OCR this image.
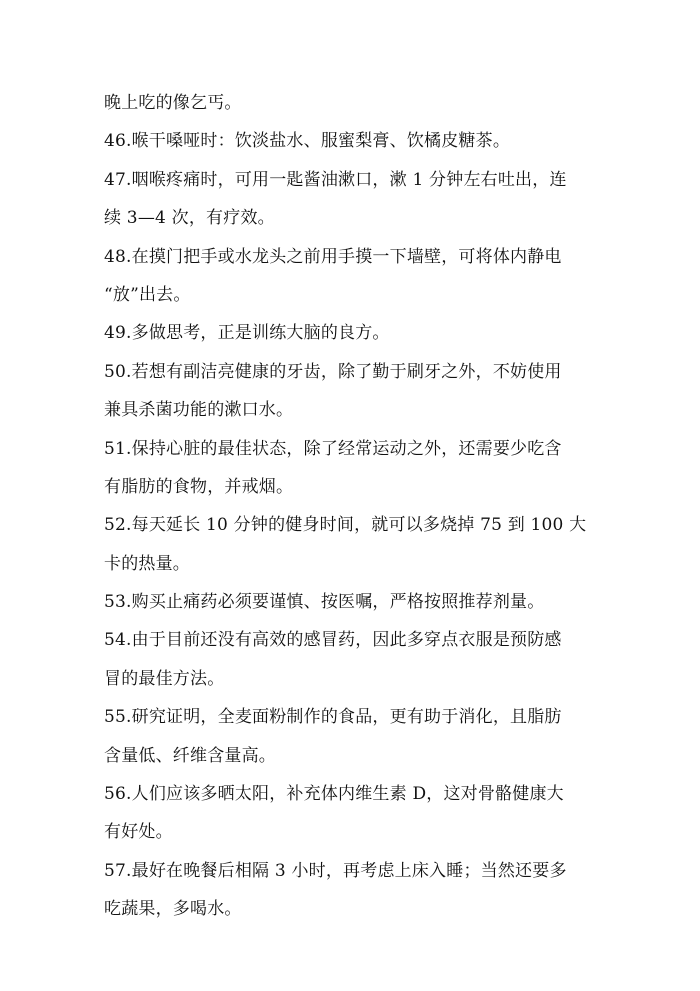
晚上吃的像乞丐。
46.喉干嗓哑时：饮淡盐水、服蜜梨膏、饮橘皮糖茶。
47.咽喉疼痛时，可用一匙酱油漱口，漱 1 分钟左右吐出，连
续 3—4 次，有疗效。
48.在摸门把手或水龙头之前用手摸一下墙壁，可将体内静电
“放”出去。
49.多做思考，正是训练大脑的良方。
50.若想有副洁亮健康的牙齿，除了勤于刷牙之外，不妨使用
兼具杀菌功能的漱口水。
51.保持心脏的最佳状态，除了经常运动之外，还需要少吃含
有脂肪的食物，并戒烟。
52.每天延长 10 分钟的健身时间，就可以多烧掉 75 到 100 大
卡的热量。
53.购买止痛药必须要谨慎、按医嘱，严格按照推荐剂量。
54.由于目前还没有高效的感冒药，因此多穿点衣服是预防感
冒的最佳方法。
55.研究证明，全麦面粉制作的食品，更有助于消化，且脂肪
含量低、纤维含量高。
56.人们应该多晒太阳，补充体内维生素 D，这对骨骼健康大
有好处。
57.最好在晚餐后相隔 3 小时，再考虑上床入睡；当然还要多
吃蔬果，多喝水。
